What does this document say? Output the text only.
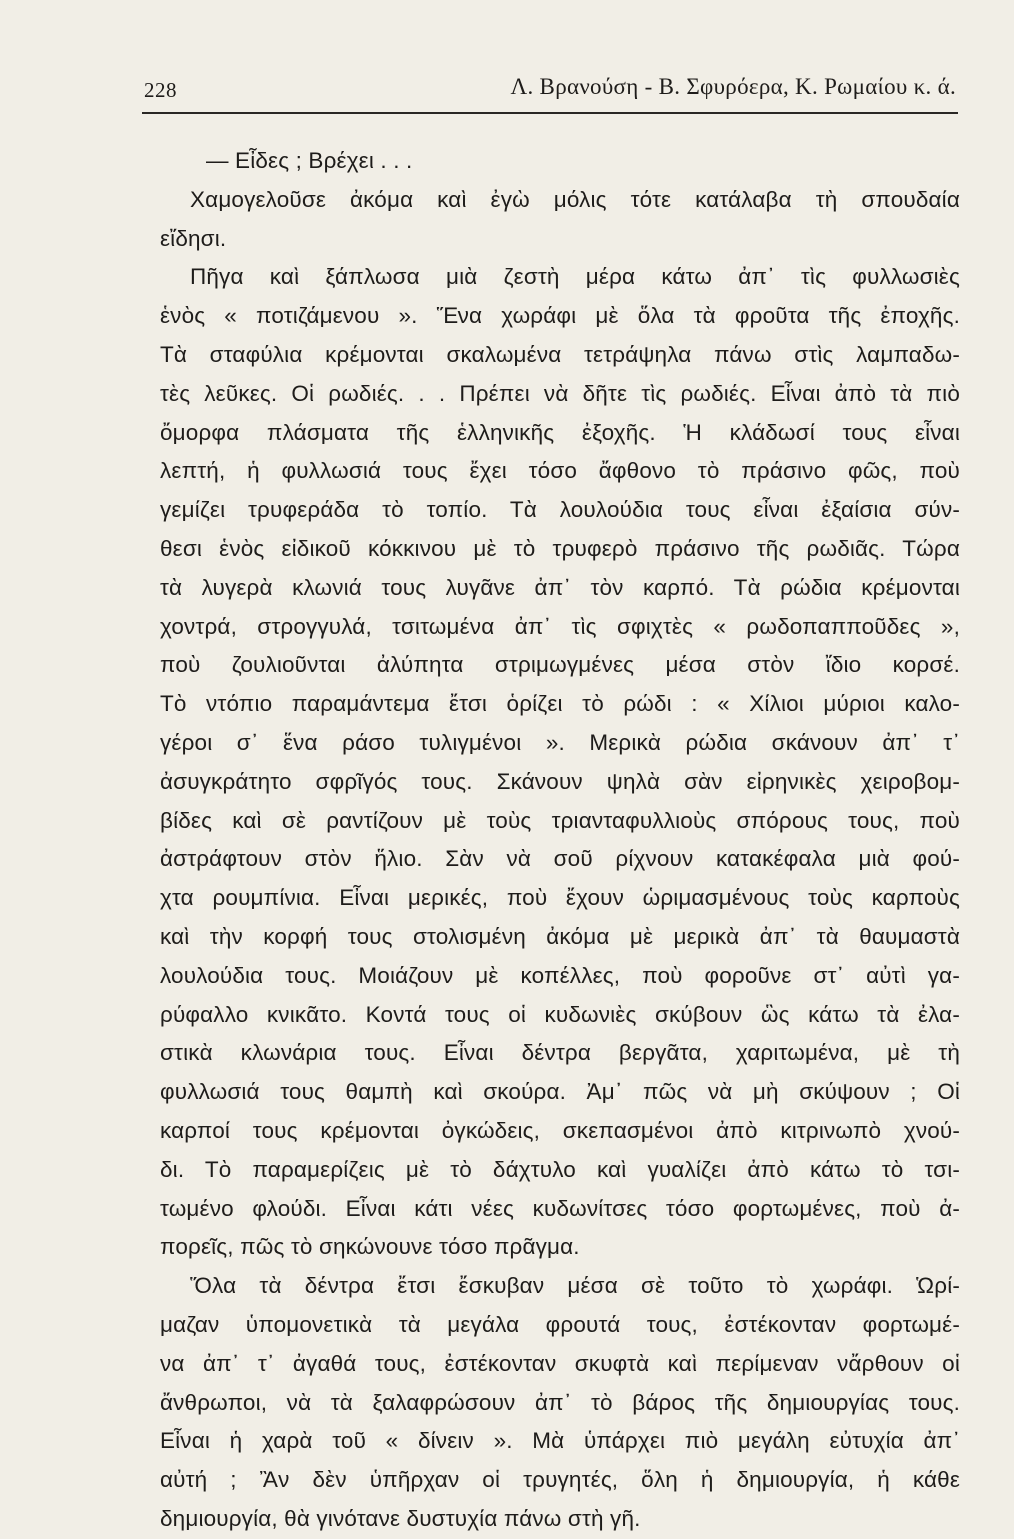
228	Λ. Βρανούση - Β. Σφυρόερα, Κ. Ρωμαίου κ. ά.
— Εἶδες ; Βρέχει . . .
Χαμογελοῦσε ἀκόμα καὶ ἐγὼ μόλις τότε κατάλαβα τὴ σπουδαία
εἴδησι.
Πῆγα καὶ ξάπλωσα μιὰ ζεστὴ μέρα κάτω ἀπ᾽ τὶς φυλλωσιὲς
ἑνὸς « ποτιζάμενου ». Ἕνα χωράφι μὲ ὅλα τὰ φροῦτα τῆς ἐποχῆς.
Τὰ σταφύλια κρέμονται σκαλωμένα τετράψηλα πάνω στὶς λαμπαδω-
τὲς λεῦκες. Οἱ ρωδιές. . . Πρέπει νὰ δῆτε τὶς ρωδιές. Εἶναι ἀπὸ τὰ πιὸ
ὄμορφα πλάσματα τῆς ἑλληνικῆς ἐξοχῆς. Ἡ κλάδωσί τους εἶναι
λεπτή, ἡ φυλλωσιά τους ἔχει τόσο ἄφθονο τὸ πράσινο φῶς, ποὺ
γεμίζει τρυφεράδα τὸ τοπίο. Τὰ λουλούδια τους εἶναι ἐξαίσια σύν-
θεσι ἑνὸς εἰδικοῦ κόκκινου μὲ τὸ τρυφερὸ πράσινο τῆς ρωδιᾶς. Τώρα
τὰ λυγερὰ κλωνιά τους λυγᾶνε ἀπ᾽ τὸν καρπό. Τὰ ρώδια κρέμονται
χοντρά, στρογγυλά, τσιτωμένα ἀπ᾽ τὶς σφιχτὲς « ρωδοπαπποῦδες »,
ποὺ ζουλιοῦνται ἀλύπητα στριμωγμένες μέσα στὸν ἴδιο κορσέ.
Τὸ ντόπιο παραμάντεμα ἔτσι ὁρίζει τὸ ρώδι : « Χίλιοι μύριοι καλο-
γέροι σ᾽ ἕνα ράσο τυλιγμένοι ». Μερικὰ ρώδια σκάνουν ἀπ᾽ τ᾽
ἀσυγκράτητο σφρῖγός τους. Σκάνουν ψηλὰ σὰν εἰρηνικὲς χειροβομ-
βίδες καὶ σὲ ραντίζουν μὲ τοὺς τριανταφυλλιοὺς σπόρους τους, ποὺ
ἀστράφτουν στὸν ἥλιο. Σὰν νὰ σοῦ ρίχνουν κατακέφαλα μιὰ φού-
χτα ρουμπίνια. Εἶναι μερικές, ποὺ ἔχουν ὡριμασμένους τοὺς καρποὺς
καὶ τὴν κορφή τους στολισμένη ἀκόμα μὲ μερικὰ ἀπ᾽ τὰ θαυμαστὰ
λουλούδια τους. Μοιάζουν μὲ κοπέλλες, ποὺ φοροῦνε στ᾽ αὐτὶ γα-
ρύφαλλο κνικᾶτο. Κοντά τους οἱ κυδωνιὲς σκύβουν ὣς κάτω τὰ ἐλα-
στικὰ κλωνάρια τους. Εἶναι δέντρα βεργᾶτα, χαριτωμένα, μὲ τὴ
φυλλωσιά τους θαμπὴ καὶ σκούρα. Ἀμ᾽ πῶς νὰ μὴ σκύψουν ; Οἱ
καρποί τους κρέμονται ὀγκώδεις, σκεπασμένοι ἀπὸ κιτρινωπὸ χνού-
δι. Τὸ παραμερίζεις μὲ τὸ δάχτυλο καὶ γυαλίζει ἀπὸ κάτω τὸ τσι-
τωμένο φλούδι. Εἶναι κάτι νέες κυδωνίτσες τόσο φορτωμένες, ποὺ ἀ-
πορεῖς, πῶς τὸ σηκώνουνε τόσο πρᾶγμα.
Ὅλα τὰ δέντρα ἔτσι ἔσκυβαν μέσα σὲ τοῦτο τὸ χωράφι. Ὡρί-
μαζαν ὑπομονετικὰ τὰ μεγάλα φρουτά τους, ἐστέκονταν φορτωμέ-
να ἀπ᾽ τ᾽ ἀγαθά τους, ἐστέκονταν σκυφτὰ καὶ περίμεναν νἄρθουν οἱ
ἄνθρωποι, νὰ τὰ ξαλαφρώσουν ἀπ᾽ τὸ βάρος τῆς δημιουργίας τους.
Εἶναι ἡ χαρὰ τοῦ « δίνειν ». Μὰ ὑπάρχει πιὸ μεγάλη εὐτυχία ἀπ᾽
αὐτή ; Ἂν δὲν ὑπῆρχαν οἱ τρυγητές, ὅλη ἡ δημιουργία, ἡ κάθε
δημιουργία, θὰ γινότανε δυστυχία πάνω στὴ γῆ.
